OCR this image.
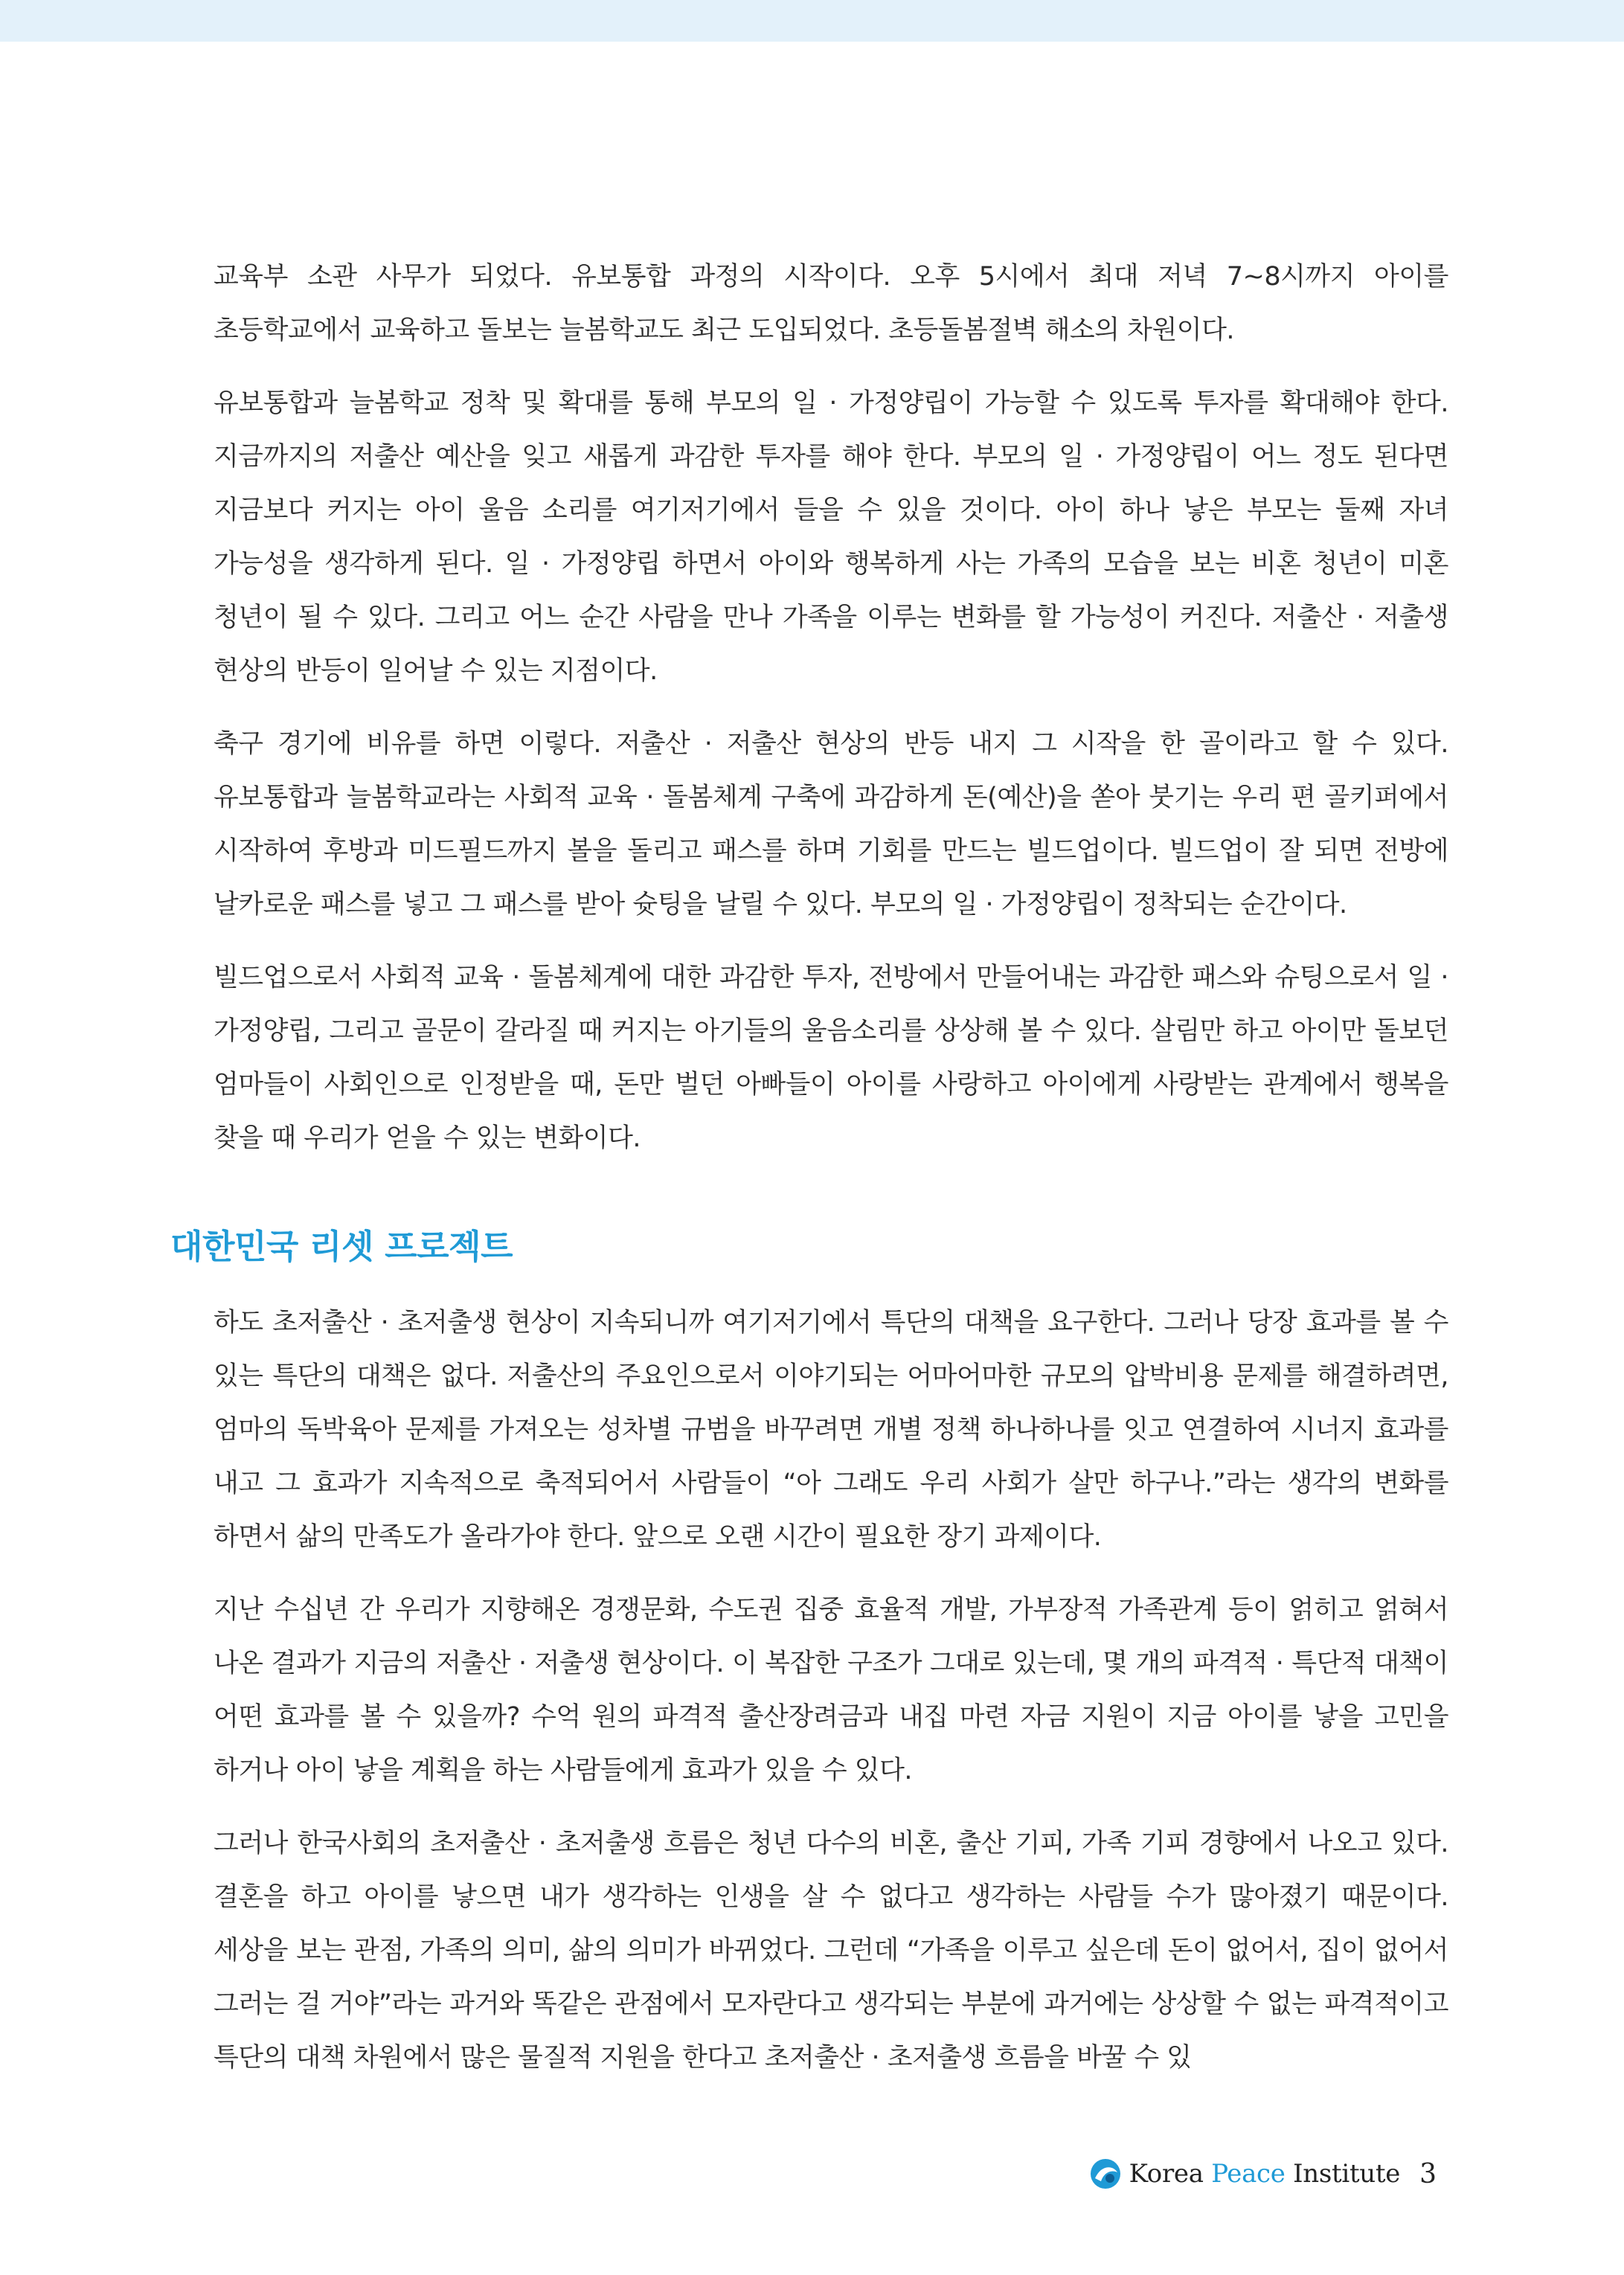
교육부 소관 사무가 되었다. 유보통합 과정의 시작이다. 오후 5시에서 최대 저녁 7~8시까지 아이를 초등학교에서 교육하고 돌보는 늘봄학교도 최근 도입되었다. 초등돌봄절벽 해소의 차원이다.

유보통합과 늘봄학교 정착 및 확대를 통해 부모의 일 · 가정양립이 가능할 수 있도록 투자를 확대해야 한다. 지금까지의 저출산 예산을 잊고 새롭게 과감한 투자를 해야 한다. 부모의 일 · 가정양립이 어느 정도 된다면 지금보다 커지는 아이 울음 소리를 여기저기에서 들을 수 있을 것이다. 아이 하나 낳은 부모는 둘째 자녀 가능성을 생각하게 된다. 일 · 가정양립 하면서 아이와 행복하게 사는 가족의 모습을 보는 비혼 청년이 미혼 청년이 될 수 있다. 그리고 어느 순간 사람을 만나 가족을 이루는 변화를 할 가능성이 커진다. 저출산 · 저출생 현상의 반등이 일어날 수 있는 지점이다.

축구 경기에 비유를 하면 이렇다. 저출산 · 저출산 현상의 반등 내지 그 시작을 한 골이라고 할 수 있다. 유보통합과 늘봄학교라는 사회적 교육 · 돌봄체계 구축에 과감하게 돈(예산)을 쏟아 붓기는 우리 편 골키퍼에서 시작하여 후방과 미드필드까지 볼을 돌리고 패스를 하며 기회를 만드는 빌드업이다. 빌드업이 잘 되면 전방에 날카로운 패스를 넣고 그 패스를 받아 슛팅을 날릴 수 있다. 부모의 일 · 가정양립이 정착되는 순간이다.

빌드업으로서 사회적 교육 · 돌봄체계에 대한 과감한 투자, 전방에서 만들어내는 과감한 패스와 슈팅으로서 일 · 가정양립, 그리고 골문이 갈라질 때 커지는 아기들의 울음소리를 상상해 볼 수 있다. 살림만 하고 아이만 돌보던 엄마들이 사회인으로 인정받을 때, 돈만 벌던 아빠들이 아이를 사랑하고 아이에게 사랑받는 관계에서 행복을 찾을 때 우리가 얻을 수 있는 변화이다.

대한민국 리셋 프로젝트

하도 초저출산 · 초저출생 현상이 지속되니까 여기저기에서 특단의 대책을 요구한다. 그러나 당장 효과를 볼 수 있는 특단의 대책은 없다. 저출산의 주요인으로서 이야기되는 어마어마한 규모의 압박비용 문제를 해결하려면, 엄마의 독박육아 문제를 가져오는 성차별 규범을 바꾸려면 개별 정책 하나하나를 잇고 연결하여 시너지 효과를 내고 그 효과가 지속적으로 축적되어서 사람들이 “아 그래도 우리 사회가 살만 하구나.”라는 생각의 변화를 하면서 삶의 만족도가 올라가야 한다. 앞으로 오랜 시간이 필요한 장기 과제이다.

지난 수십년 간 우리가 지향해온 경쟁문화, 수도권 집중 효율적 개발, 가부장적 가족관계 등이 얽히고 얽혀서 나온 결과가 지금의 저출산 · 저출생 현상이다. 이 복잡한 구조가 그대로 있는데, 몇 개의 파격적 · 특단적 대책이 어떤 효과를 볼 수 있을까? 수억 원의 파격적 출산장려금과 내집 마련 자금 지원이 지금 아이를 낳을 고민을 하거나 아이 낳을 계획을 하는 사람들에게 효과가 있을 수 있다.

그러나 한국사회의 초저출산 · 초저출생 흐름은 청년 다수의 비혼, 출산 기피, 가족 기피 경향에서 나오고 있다. 결혼을 하고 아이를 낳으면 내가 생각하는 인생을 살 수 없다고 생각하는 사람들 수가 많아졌기 때문이다. 세상을 보는 관점, 가족의 의미, 삶의 의미가 바뀌었다. 그런데 “가족을 이루고 싶은데 돈이 없어서, 집이 없어서 그러는 걸 거야”라는 과거와 똑같은 관점에서 모자란다고 생각되는 부분에 과거에는 상상할 수 없는 파격적이고 특단의 대책 차원에서 많은 물질적 지원을 한다고 초저출산 · 초저출생 흐름을 바꿀 수 있

Korea Peace Institute 3
